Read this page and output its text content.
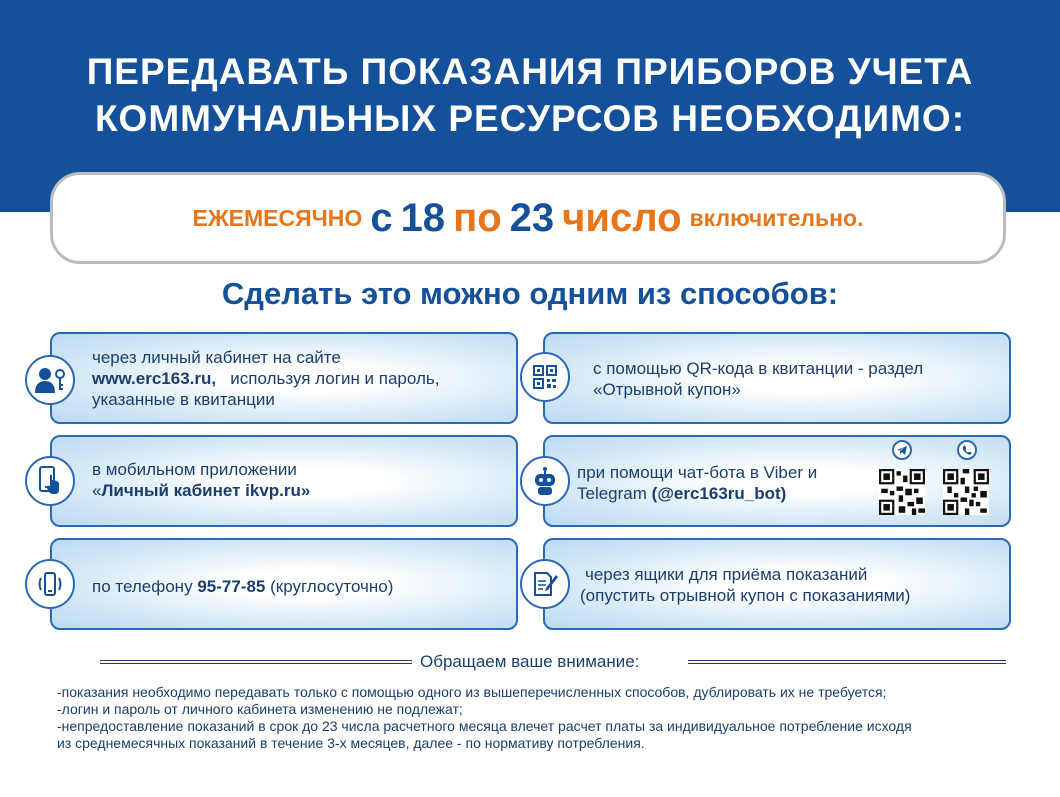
ПЕРЕДАВАТЬ ПОКАЗАНИЯ ПРИБОРОВ УЧЕТА
КОММУНАЛЬНЫХ РЕСУРСОВ НЕОБХОДИМО:
ЕЖЕМЕСЯЧНО с 18 по 23 число включительно.
Сделать это можно одним из способов:
через личный кабинет на сайте
www.erc163.ru, используя логин и пароль,
указанные в квитанции
с помощью QR-кода в квитанции - раздел
«Отрывной купон»
в мобильном приложении
«Личный кабинет ikvp.ru»
при помощи чат-бота в Viber и
Telegram (@erc163ru_bot)
по телефону 95-77-85 (круглосуточно)
через ящики для приёма показаний
(опустить отрывной купон с показаниями)
Обращаем ваше внимание:
-показания необходимо передавать только с помощью одного из вышеперечисленных способов, дублировать их не требуется;
-логин и пароль от личного кабинета изменению не подлежат;
-непредоставление показаний в срок до 23 числа расчетного месяца влечет расчет платы за индивидуальное потребление исходя
из среднемесячных показаний в течение 3-х месяцев, далее - по нормативу потребления.
